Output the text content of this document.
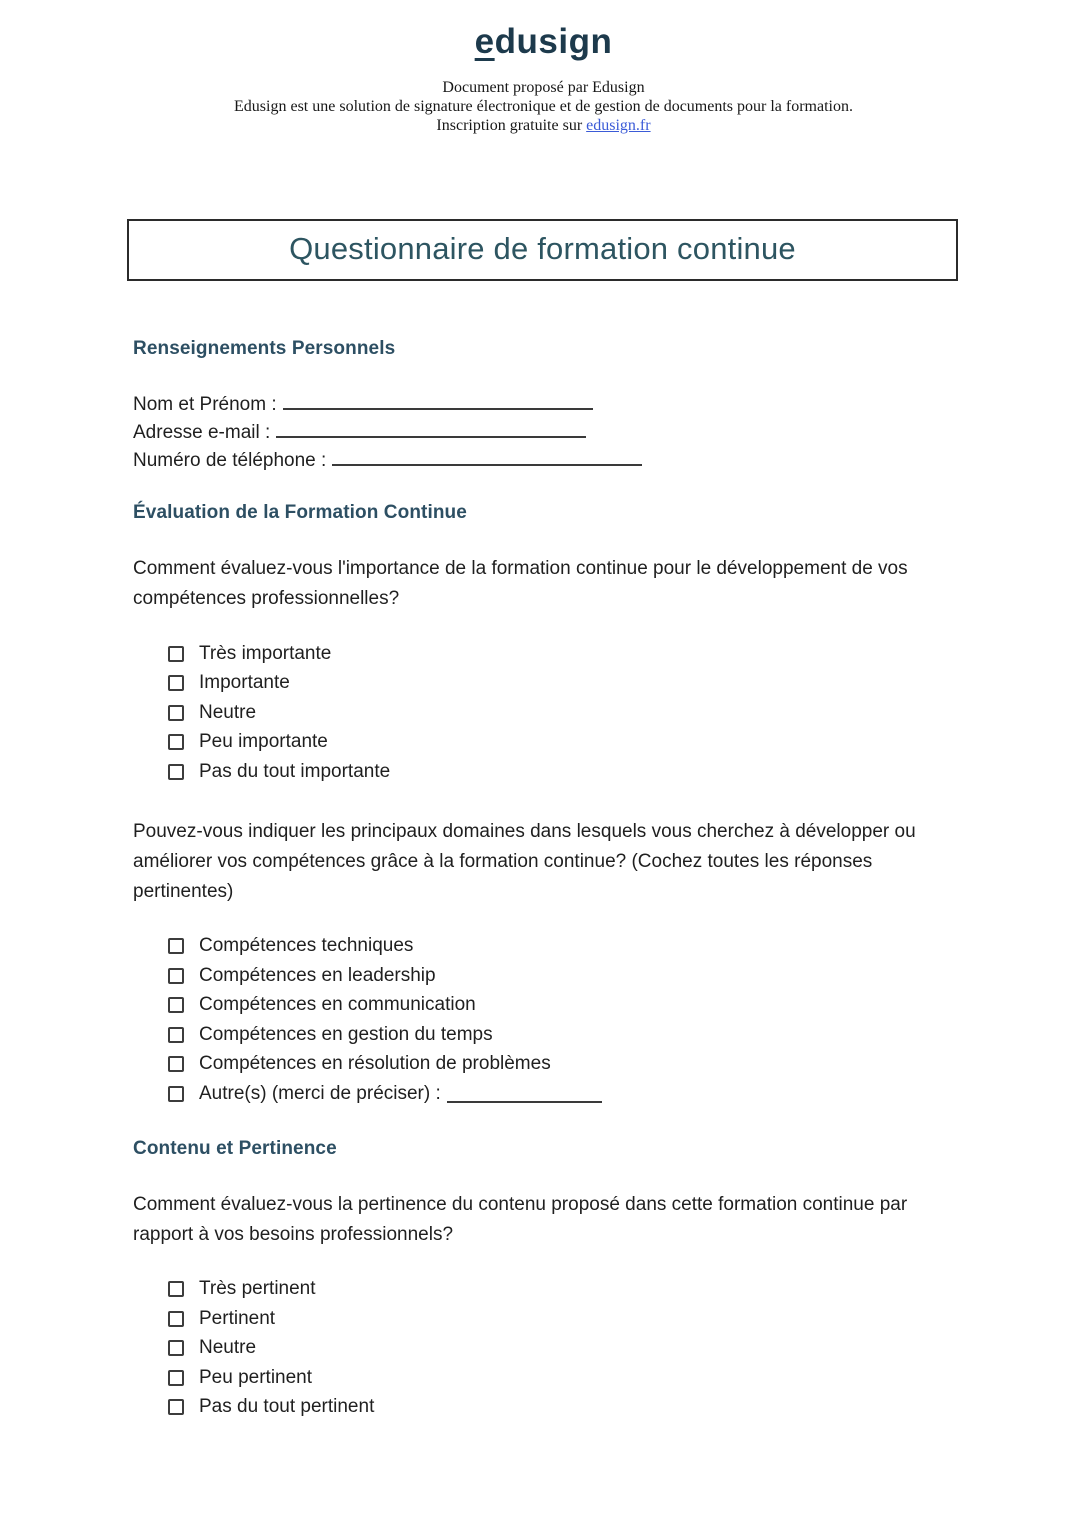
edusign
Document proposé par Edusign
Edusign est une solution de signature électronique et de gestion de documents pour la formation.
Inscription gratuite sur edusign.fr
Questionnaire de formation continue
Renseignements Personnels
Nom et Prénom :
Adresse e-mail :
Numéro de téléphone :
Évaluation de la Formation Continue

Comment évaluez-vous l'importance de la formation continue pour le développement de vos compétences professionnelles?

Très importante
Importante
Neutre
Peu importante
Pas du tout importante

Pouvez-vous indiquer les principaux domaines dans lesquels vous cherchez à développer ou améliorer vos compétences grâce à la formation continue? (Cochez toutes les réponses pertinentes)

Compétences techniques
Compétences en leadership
Compétences en communication
Compétences en gestion du temps
Compétences en résolution de problèmes
Autre(s) (merci de préciser) :
Contenu et Pertinence

Comment évaluez-vous la pertinence du contenu proposé dans cette formation continue par rapport à vos besoins professionnels?

Très pertinent
Pertinent
Neutre
Peu pertinent
Pas du tout pertinent
